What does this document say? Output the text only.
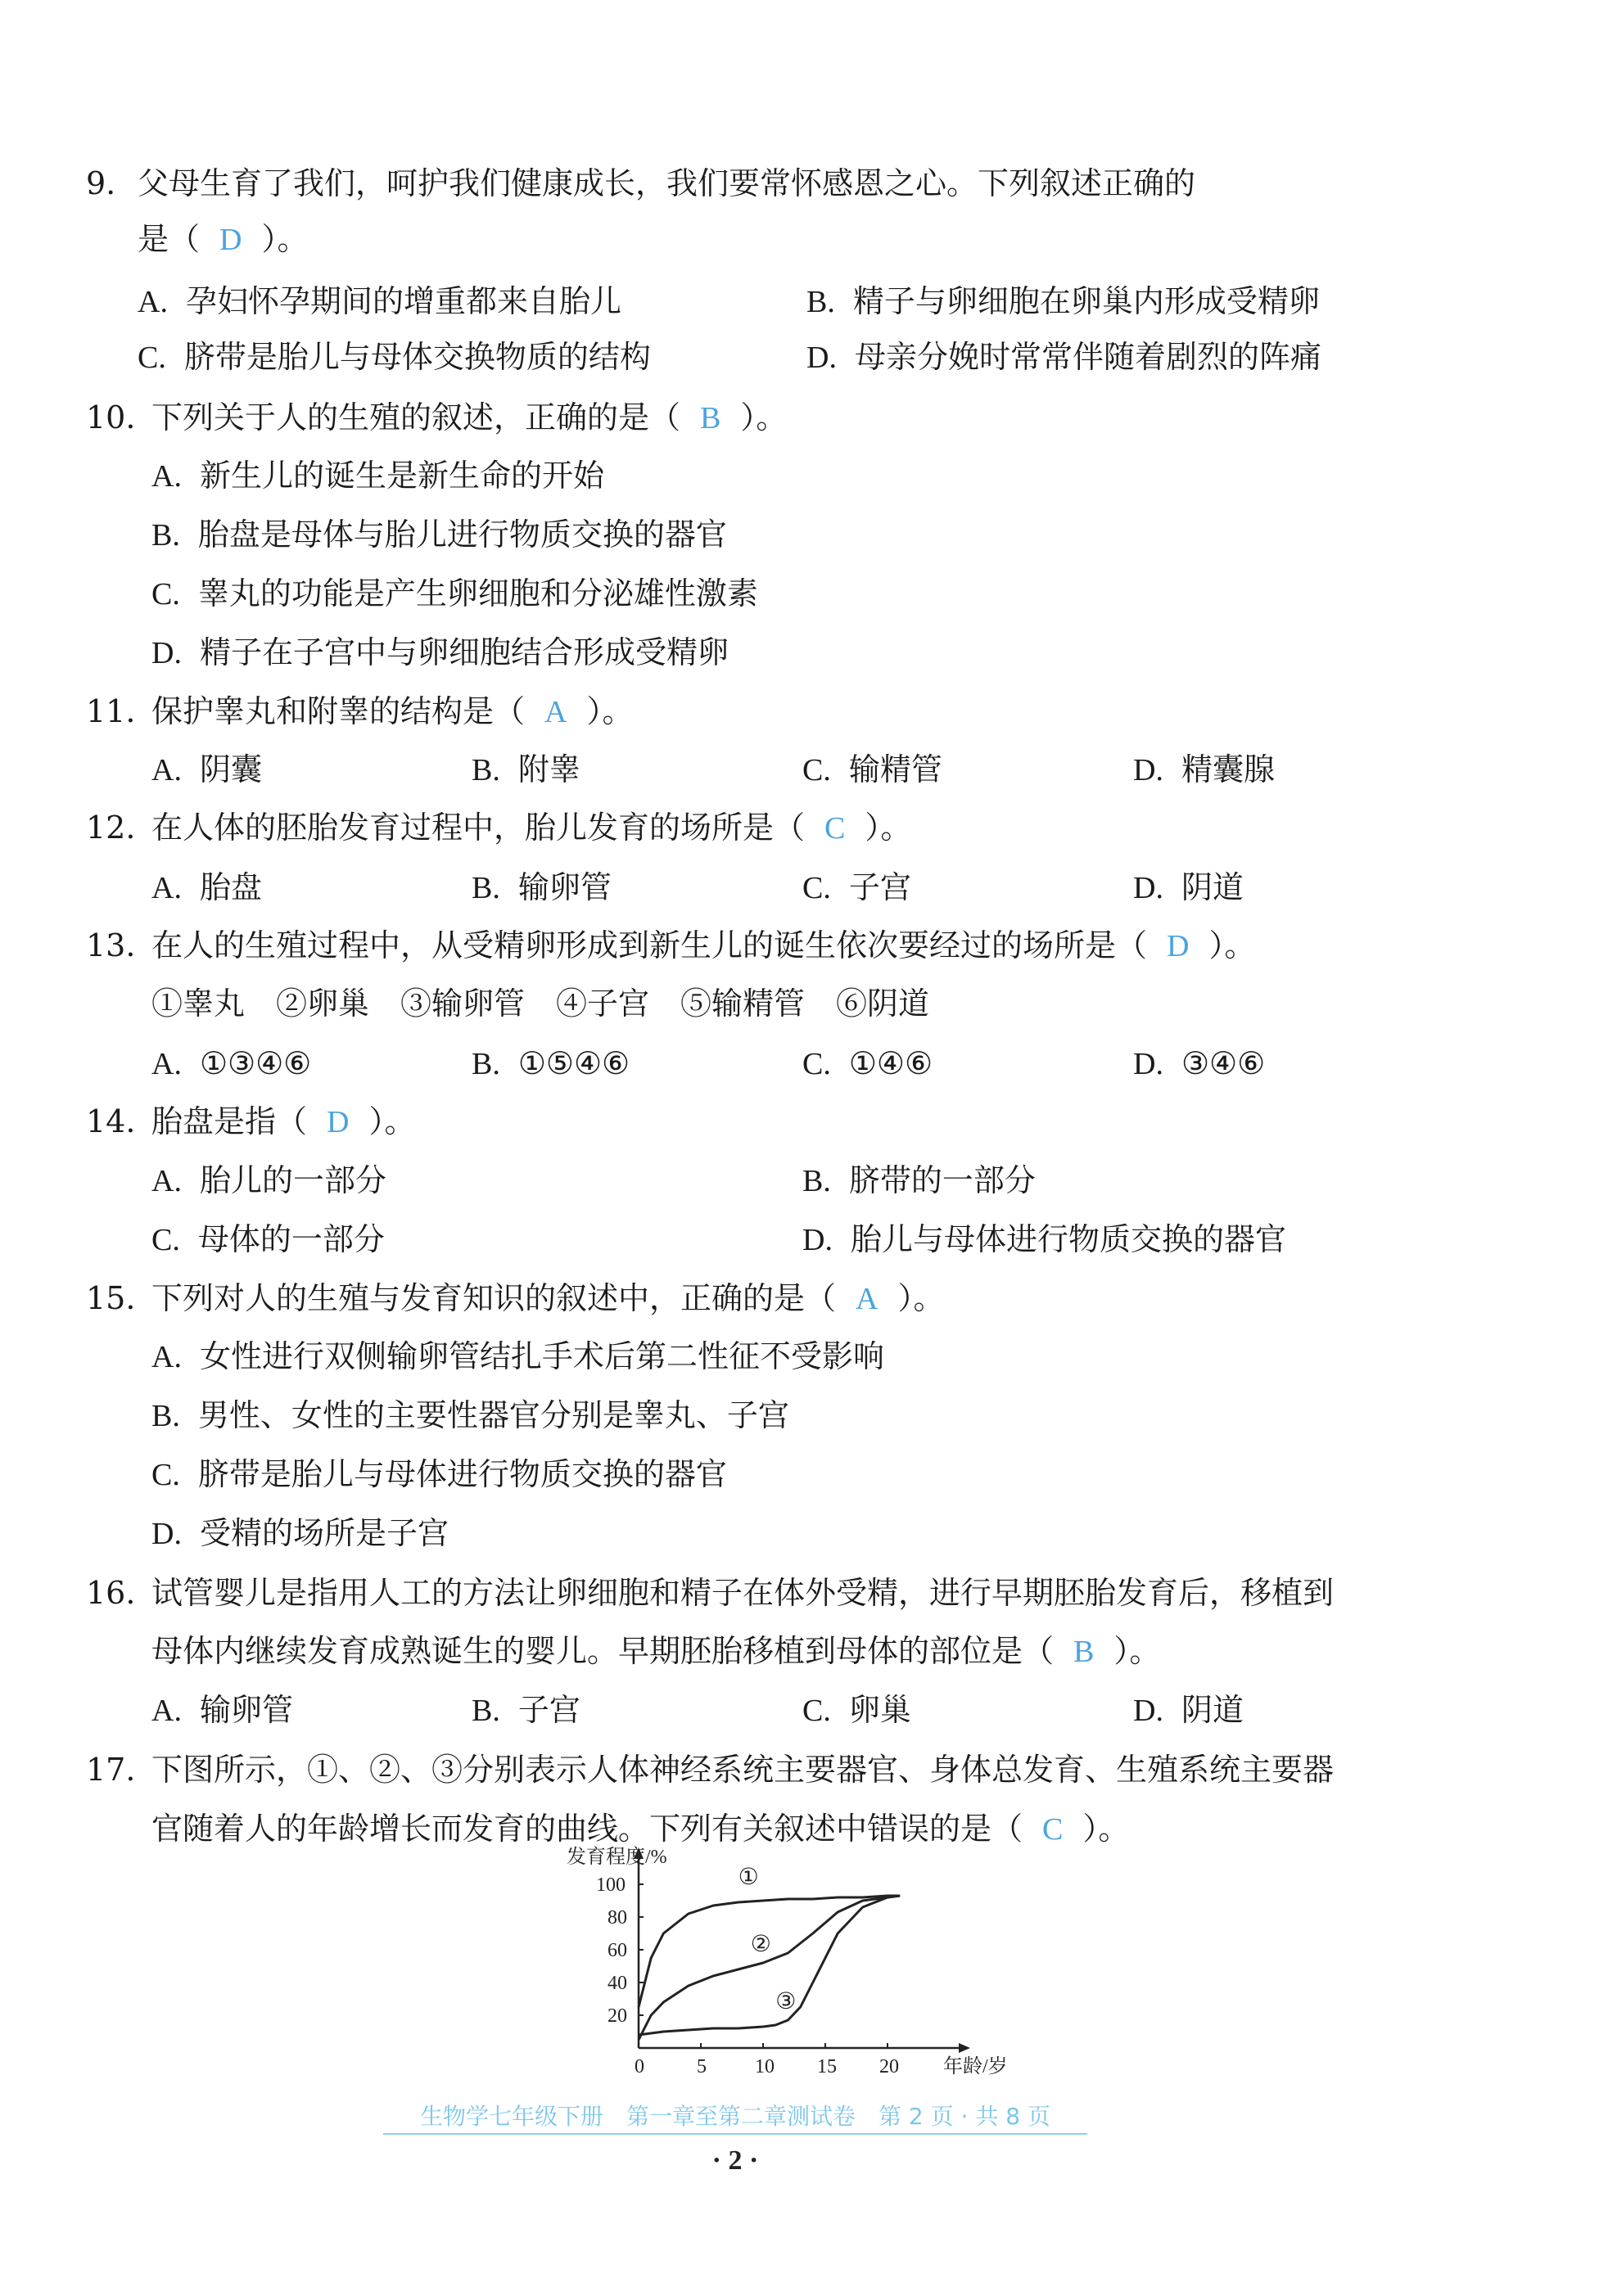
9. 父母生育了我们，呵护我们健康成长，我们要常怀感恩之心。下列叙述正确的
是（ D ）。
A. 孕妇怀孕期间的增重都来自胎儿	B. 精子与卵细胞在卵巢内形成受精卵
C. 脐带是胎儿与母体交换物质的结构	D. 母亲分娩时常常伴随着剧烈的阵痛
10. 下列关于人的生殖的叙述，正确的是（ B ）。
A. 新生儿的诞生是新生命的开始
B. 胎盘是母体与胎儿进行物质交换的器官
C. 睾丸的功能是产生卵细胞和分泌雄性激素
D. 精子在子宫中与卵细胞结合形成受精卵
11. 保护睾丸和附睾的结构是（ A ）。
A. 阴囊	B. 附睾	C. 输精管	D. 精囊腺
12. 在人体的胚胎发育过程中，胎儿发育的场所是（ C ）。
A. 胎盘	B. 输卵管	C. 子宫	D. 阴道
13. 在人的生殖过程中，从受精卵形成到新生儿的诞生依次要经过的场所是（ D ）。
①睾丸　②卵巢　③输卵管　④子宫　⑤输精管　⑥阴道
A. ①③④⑥	B. ①⑤④⑥	C. ①④⑥	D. ③④⑥
14. 胎盘是指（ D ）。
A. 胎儿的一部分	B. 脐带的一部分
C. 母体的一部分	D. 胎儿与母体进行物质交换的器官
15. 下列对人的生殖与发育知识的叙述中，正确的是（ A ）。
A. 女性进行双侧输卵管结扎手术后第二性征不受影响
B. 男性、女性的主要性器官分别是睾丸、子宫
C. 脐带是胎儿与母体进行物质交换的器官
D. 受精的场所是子宫
16. 试管婴儿是指用人工的方法让卵细胞和精子在体外受精，进行早期胚胎发育后，移植到
母体内继续发育成熟诞生的婴儿。早期胚胎移植到母体的部位是（ B ）。
A. 输卵管	B. 子宫	C. 卵巢	D. 阴道
17. 下图所示，①、②、③分别表示人体神经系统主要器官、身体总发育、生殖系统主要器
官随着人的年龄增长而发育的曲线。下列有关叙述中错误的是（ C ）。
发育程度/%
年龄/岁
0	5 10 15 20
20
40
60
80
100	①
②
③
生物学七年级下册　第一章至第二章测试卷　第 2 页 · 共 8 页
· 2 ·
